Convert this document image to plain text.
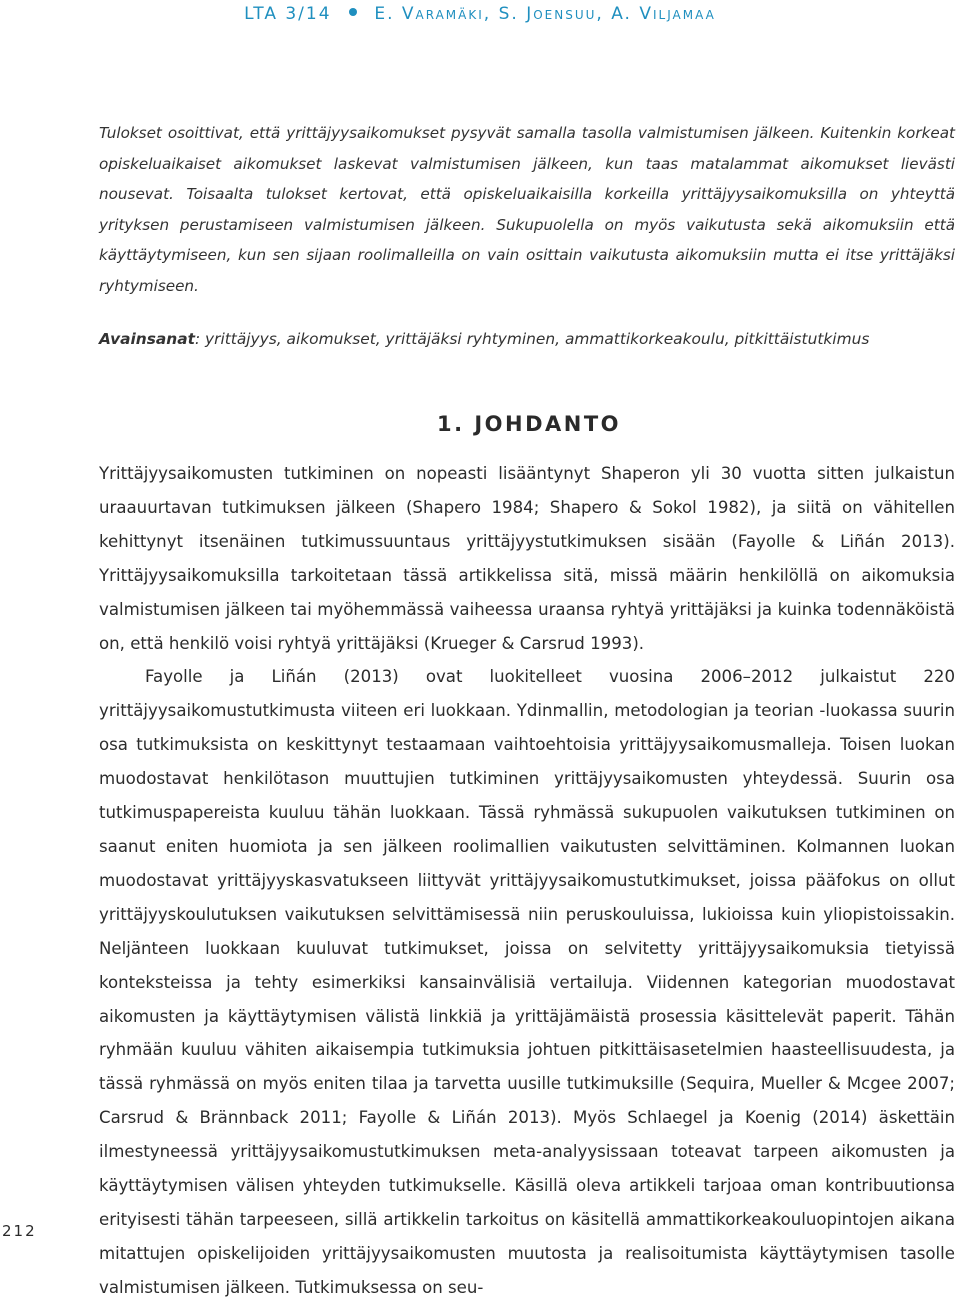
LTA 3/14	E. Varamäki, S. Joensuu, A. Viljamaa

Tulokset osoittivat, että yrittäjyysaikomukset pysyvät samalla tasolla valmistumisen jälkeen. Kuitenkin korkeat opiskeluaikaiset aikomukset laskevat valmistumisen jälkeen, kun taas matalammat aikomukset lievästi nousevat. Toisaalta tulokset kertovat, että opiskeluaikaisilla korkeilla yrittäjyysaikomuksilla on yhteyttä yrityksen perustamiseen valmistumisen jälkeen. Sukupuolella on myös vaikutusta sekä aikomuksiin että käyttäytymiseen, kun sen sijaan roolimalleilla on vain osittain vaikutusta aikomuksiin mutta ei itse yrittäjäksi ryhtymiseen.

Avainsanat: yrittäjyys, aikomukset, yrittäjäksi ryhtyminen, ammattikorkeakoulu, pitkittäistutkimus

1. JOHDANTO

Yrittäjyysaikomusten tutkiminen on nopeasti lisääntynyt Shaperon yli 30 vuotta sitten julkaistun uraauurtavan tutkimuksen jälkeen (Shapero 1984; Shapero & Sokol 1982), ja siitä on vähitellen kehittynyt itsenäinen tutkimussuuntaus yrittäjyystutkimuksen sisään (Fayolle & Liñán 2013). Yrittäjyysaikomuksilla tarkoitetaan tässä artikkelissa sitä, missä määrin henkilöllä on aikomuksia valmistumisen jälkeen tai myöhemmässä vaiheessa uraansa ryhtyä yrittäjäksi ja kuinka todennäköistä on, että henkilö voisi ryhtyä yrittäjäksi (Krueger & Carsrud 1993).

Fayolle ja Liñán (2013) ovat luokitelleet vuosina 2006–2012 julkaistut 220 yrittäjyysaikomustutkimusta viiteen eri luokkaan. Ydinmallin, metodologian ja teorian -luokassa suurin osa tutkimuksista on keskittynyt testaamaan vaihtoehtoisia yrittäjyysaikomusmalleja. Toisen luokan muodostavat henkilötason muuttujien tutkiminen yrittäjyysaikomusten yhteydessä. Suurin osa tutkimuspapereista kuuluu tähän luokkaan. Tässä ryhmässä sukupuolen vaikutuksen tutkiminen on saanut eniten huomiota ja sen jälkeen roolimallien vaikutusten selvittäminen. Kolmannen luokan muodostavat yrittäjyyskasvatukseen liittyvät yrittäjyysaikomustutkimukset, joissa pääfokus on ollut yrittäjyyskoulutuksen vaikutuksen selvittämisessä niin peruskouluissa, lukioissa kuin yliopistoissakin. Neljänteen luokkaan kuuluvat tutkimukset, joissa on selvitetty yrittäjyysaikomuksia tietyissä konteksteissa ja tehty esimerkiksi kansainvälisiä vertailuja. Viidennen kategorian muodostavat aikomusten ja käyttäytymisen välistä linkkiä ja yrittäjämäistä prosessia käsittelevät paperit. Tähän ryhmään kuuluu vähiten aikaisempia tutkimuksia johtuen pitkittäisasetelmien haasteellisuudesta, ja tässä ryhmässä on myös eniten tilaa ja tarvetta uusille tutkimuksille (Sequira, Mueller & Mcgee 2007; Carsrud & Brännback 2011; Fayolle & Liñán 2013). Myös Schlaegel ja Koenig (2014) äskettäin ilmestyneessä yrittäjyysaikomustutkimuksen meta-analyysissaan toteavat tarpeen aikomusten ja käyttäytymisen välisen yhteyden tutkimukselle. Käsillä oleva artikkeli tarjoaa oman kontribuutionsa erityisesti tähän tarpeeseen, sillä artikkelin tarkoitus on käsitellä ammattikorkeakouluopintojen aikana mitattujen opiskelijoiden yrittäjyysaikomusten muutosta ja realisoitumista käyttäytymisen tasolle valmistumisen jälkeen. Tutkimuksessa on seu-

212
